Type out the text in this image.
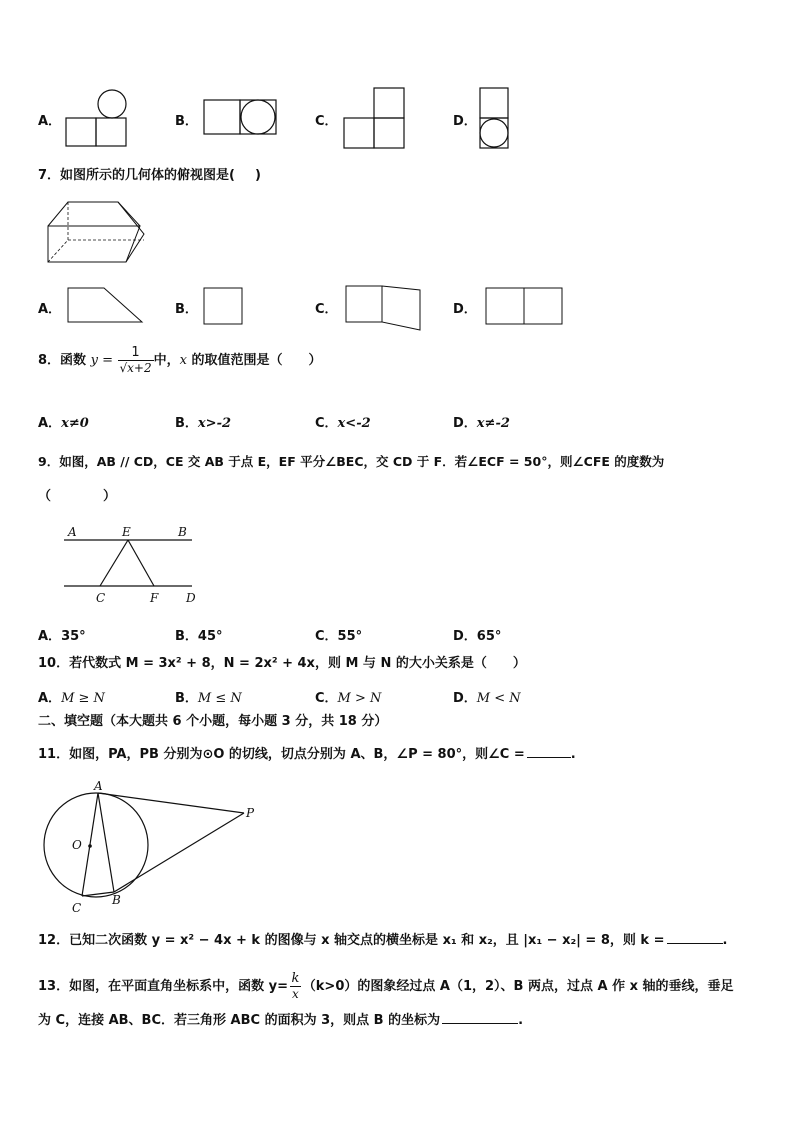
A．	B．	C．	D．
7．如图所示的几何体的俯视图是( )
A．	B．	C．	D．
8．函数 $y = \frac{1}{√x+2}$ 中，x 的取值范围是（　　）
A．x≠0	B．x>-2	C．x<-2	D．x≠-2
9．如图，AB // CD，CE 交 AB 于点 E，EF 平分∠BEC，交 CD 于 F．若∠ECF = 50°，则∠CFE 的度数为
（　　　　）
A	E	B
C	F D
A．35°	B．45°	C．55°	D．65°
10．若代数式 M = 3x² + 8，N = 2x² + 4x，则 M 与 N 的大小关系是（　　）
A．M ≥ N	B．M ≤ N	C．M > N	D．M < N
二、填空题（本大题共 6 个小题，每小题 3 分，共 18 分）
11．如图，PA，PB 分别为⊙O 的切线，切点分别为 A、B，∠P = 80°，则∠C =	.
A
O
P
B
C
12．已知二次函数 y = x² − 4x + k 的图像与 x 轴交点的横坐标是 x₁ 和 x₂，且 |x₁ − x₂| = 8，则 k =	.
13．如图，在平面直角坐标系中，函数 $y= \frac{k}{x} (k>0)$的图象经过点 A（1，2）、B 两点，过点 A 作 x 轴的垂线，垂足
为 C，连接 AB、BC．若三角形 ABC 的面积为 3，则点 B 的坐标为	.
